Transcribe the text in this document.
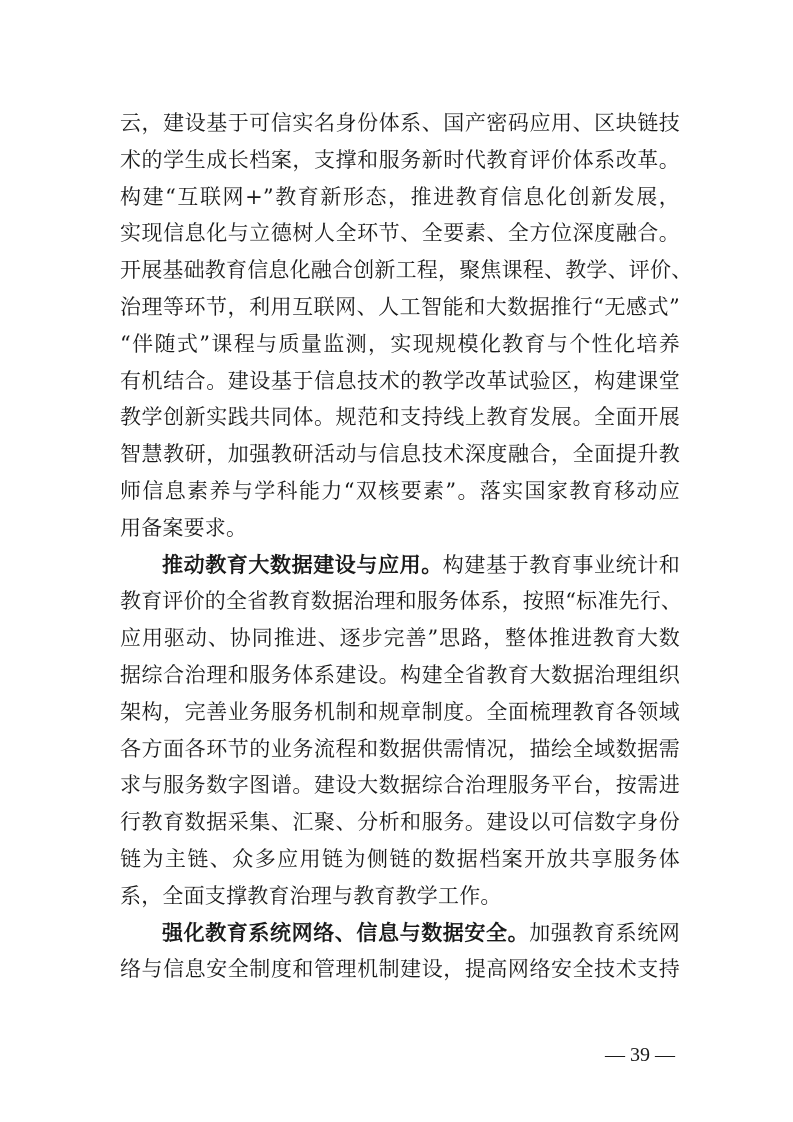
云，建设基于可信实名身份体系、国产密码应用、区块链技
术的学生成长档案，支撑和服务新时代教育评价体系改革。
构建“互联网+”教育新形态，推进教育信息化创新发展，
实现信息化与立德树人全环节、全要素、全方位深度融合。
开展基础教育信息化融合创新工程，聚焦课程、教学、评价、
治理等环节，利用互联网、人工智能和大数据推行“无感式”
“伴随式”课程与质量监测，实现规模化教育与个性化培养
有机结合。建设基于信息技术的教学改革试验区，构建课堂
教学创新实践共同体。规范和支持线上教育发展。全面开展
智慧教研，加强教研活动与信息技术深度融合，全面提升教
师信息素养与学科能力“双核要素”。落实国家教育移动应
用备案要求。
推动教育大数据建设与应用。构建基于教育事业统计和
教育评价的全省教育数据治理和服务体系，按照“标准先行、
应用驱动、协同推进、逐步完善”思路，整体推进教育大数
据综合治理和服务体系建设。构建全省教育大数据治理组织
架构，完善业务服务机制和规章制度。全面梳理教育各领域
各方面各环节的业务流程和数据供需情况，描绘全域数据需
求与服务数字图谱。建设大数据综合治理服务平台，按需进
行教育数据采集、汇聚、分析和服务。建设以可信数字身份
链为主链、众多应用链为侧链的数据档案开放共享服务体
系，全面支撑教育治理与教育教学工作。
强化教育系统网络、信息与数据安全。加强教育系统网
络与信息安全制度和管理机制建设，提高网络安全技术支持
— 39 —
